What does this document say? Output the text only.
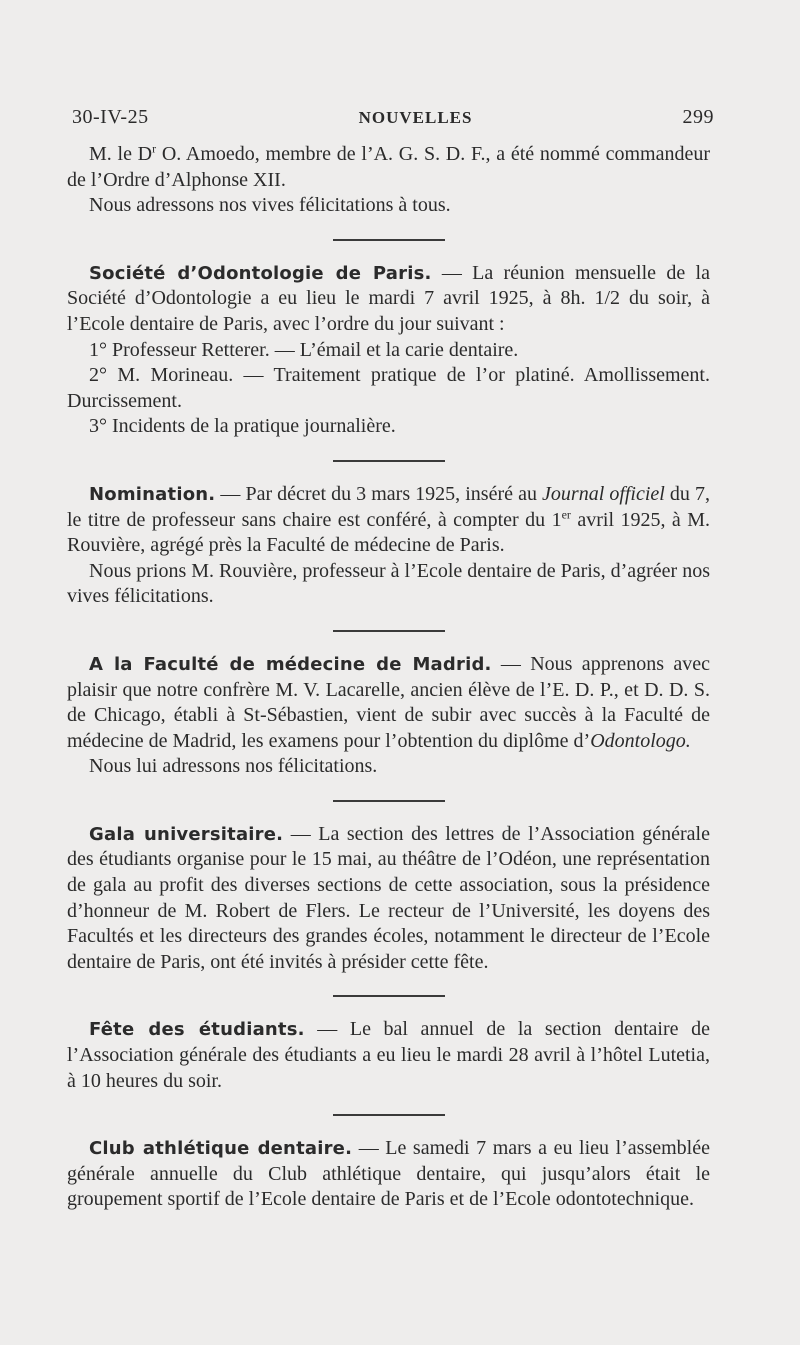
30-IV-25	NOUVELLES	299

M. le $D^r$ O. Amoedo, membre de l’A. G. S. D. F., a été nommé commandeur de l’Ordre d’Alphonse XII.

Nous adressons nos vives félicitations à tous.

Société d’Odontologie de Paris. — La réunion mensuelle de la Société d’Odontologie a eu lieu le mardi 7 avril 1925, à 8h. 1/2 du soir, à l’Ecole dentaire de Paris, avec l’ordre du jour suivant :

1° Professeur Retterer. — L’émail et la carie dentaire.

2° M. Morineau. — Traitement pratique de l’or platiné. Amollissement. Durcissement.

3° Incidents de la pratique journalière.

Nomination. — Par décret du 3 mars 1925, inséré au Journal officiel du 7, le titre de professeur sans chaire est conféré, à compter du 1er avril 1925, à M. Rouvière, agrégé près la Faculté de médecine de Paris.

Nous prions M. Rouvière, professeur à l’Ecole dentaire de Paris, d’agréer nos vives félicitations.

A la Faculté de médecine de Madrid. — Nous apprenons avec plaisir que notre confrère M. V. Lacarelle, ancien élève de l’E. D. P., et D. D. S. de Chicago, établi à St-Sébastien, vient de subir avec succès à la Faculté de médecine de Madrid, les examens pour l’obtention du diplôme d’Odontologo.

Nous lui adressons nos félicitations.

Gala universitaire. — La section des lettres de l’Association générale des étudiants organise pour le 15 mai, au théâtre de l’Odéon, une représentation de gala au profit des diverses sections de cette association, sous la présidence d’honneur de M. Robert de Flers. Le recteur de l’Université, les doyens des Facultés et les directeurs des grandes écoles, notamment le directeur de l’Ecole dentaire de Paris, ont été invités à présider cette fête.

Fête des étudiants. — Le bal annuel de la section dentaire de l’Association générale des étudiants a eu lieu le mardi 28 avril à l’hôtel Lutetia, à 10 heures du soir.

Club athlétique dentaire. — Le samedi 7 mars a eu lieu l’assemblée générale annuelle du Club athlétique dentaire, qui jusqu’alors était le groupement sportif de l’Ecole dentaire de Paris et de l’Ecole odontotechnique.
